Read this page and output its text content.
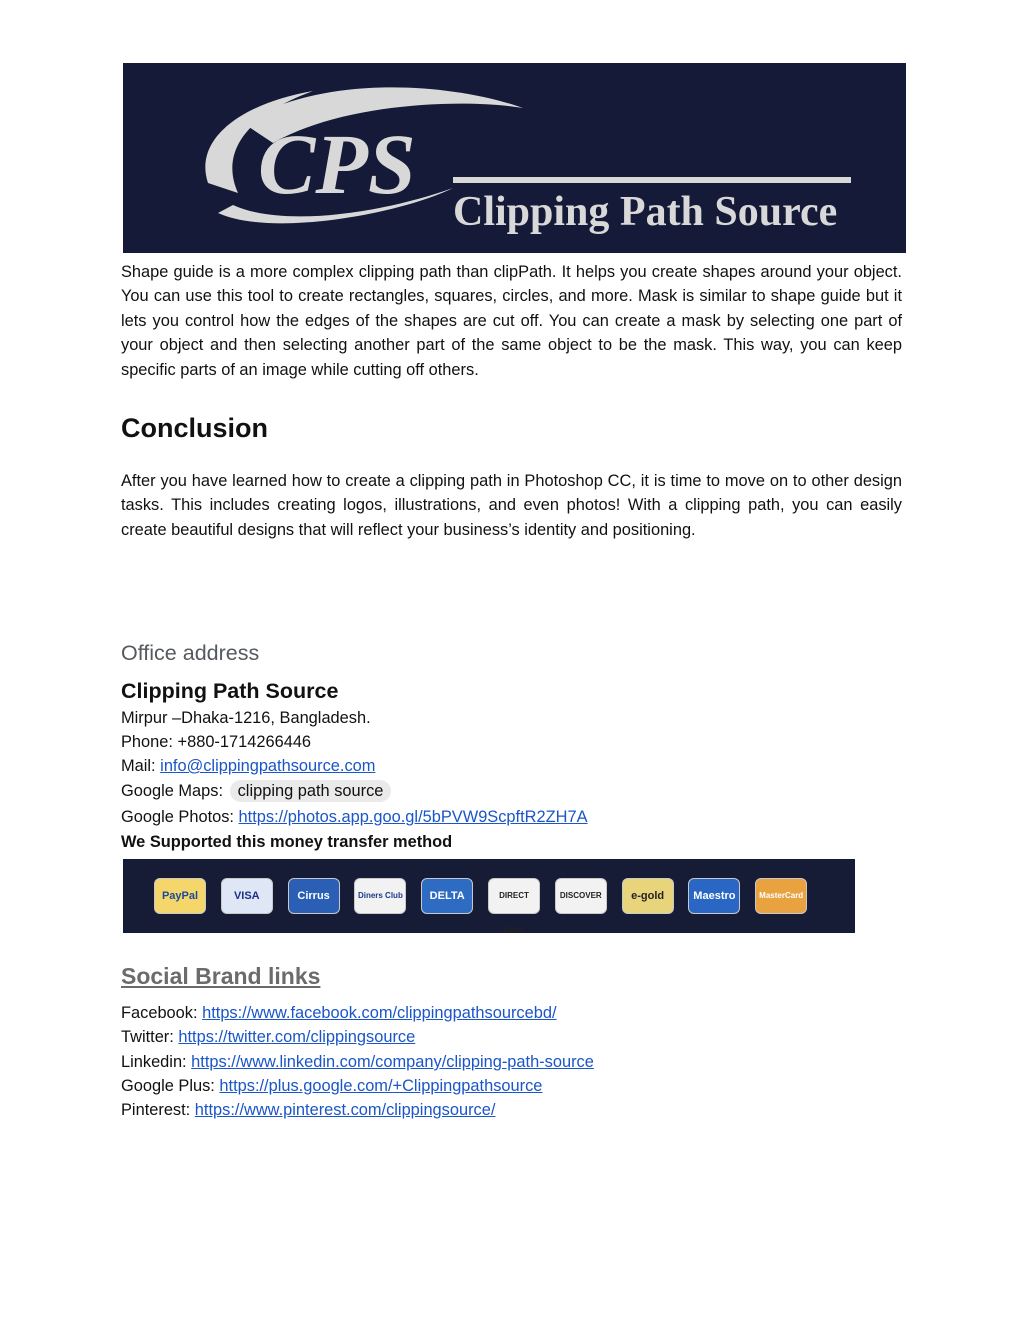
CPS Clipping Path Source

Shape guide is a more complex clipping path than clipPath. It helps you create shapes around your object. You can use this tool to create rectangles, squares, circles, and more. Mask is similar to shape guide but it lets you control how the edges of the shapes are cut off. You can create a mask by selecting one part of your object and then selecting another part of the same object to be the mask. This way, you can keep specific parts of an image while cutting off others.

Conclusion

After you have learned how to create a clipping path in Photoshop CC, it is time to move on to other design tasks. This includes creating logos, illustrations, and even photos! With a clipping path, you can easily create beautiful designs that will reflect your business’s identity and positioning.

Office address
Clipping Path Source
Mirpur –Dhaka-1216, Bangladesh.
Phone: +880-1714266446
Mail: info@clippingpathsource.com
Google Maps: clipping path source
Google Photos: https://photos.app.goo.gl/5bPVW9ScpftR2ZH7A
We Supported this money transfer method
PayPal	VISA	Cirrus	Diners Club	DELTA	DIRECT Debit
DISCOVER	e-gold	Maestro	MasterCard
Social Brand links
Facebook: https://www.facebook.com/clippingpathsourcebd/
Twitter: https://twitter.com/clippingsource
Linkedin: https://www.linkedin.com/company/clipping-path-source
Google Plus: https://plus.google.com/+Clippingpathsource
Pinterest: https://www.pinterest.com/clippingsource/
